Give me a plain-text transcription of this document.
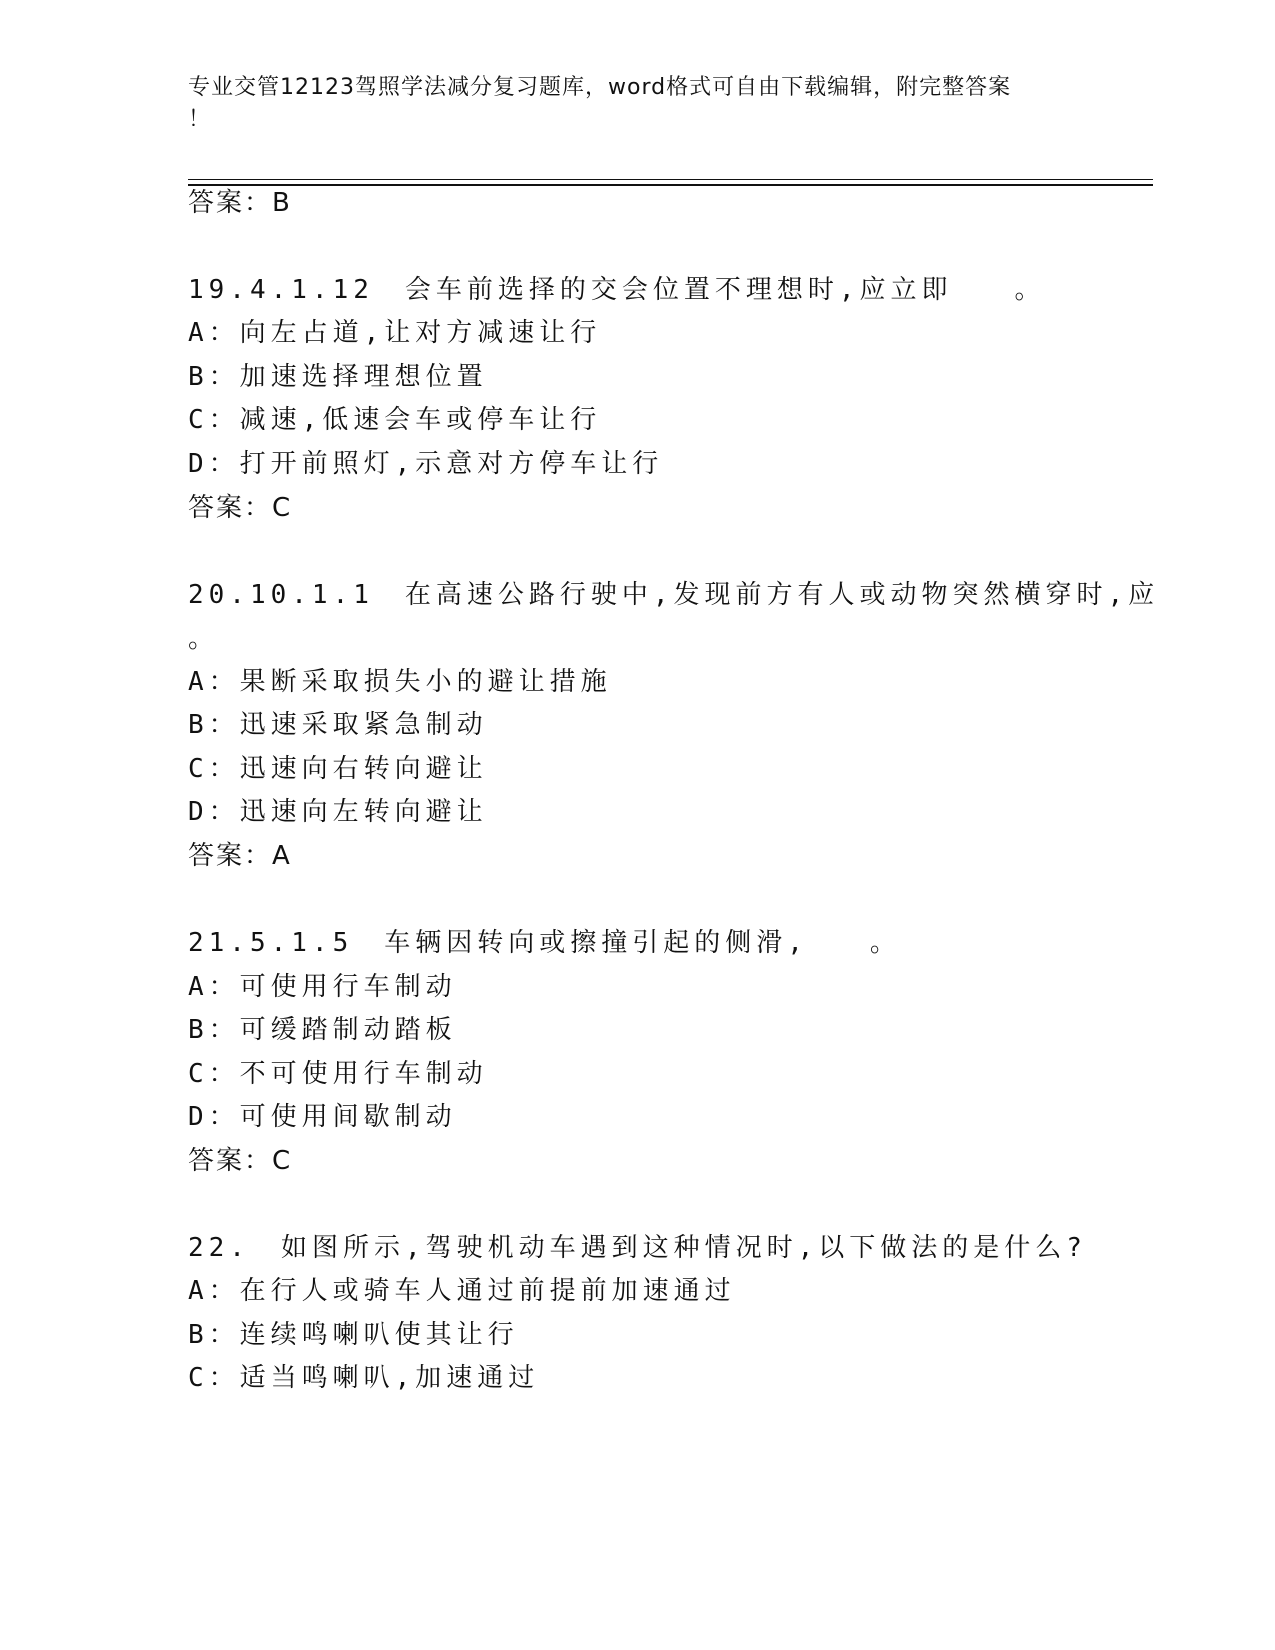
专业交管12123驾照学法减分复习题库，word格式可自由下载编辑，附完整答案
！
答案：B
19.4.1.12　会车前选择的交会位置不理想时,应立即　　。
A：向左占道,让对方减速让行
B：加速选择理想位置
C：减速,低速会车或停车让行
D：打开前照灯,示意对方停车让行
答案：C
20.10.1.1　在高速公路行驶中,发现前方有人或动物突然横穿时,应
。
A：果断采取损失小的避让措施
B：迅速采取紧急制动
C：迅速向右转向避让
D：迅速向左转向避让
答案：A
21.5.1.5　车辆因转向或擦撞引起的侧滑,　　。
A：可使用行车制动
B：可缓踏制动踏板
C：不可使用行车制动
D：可使用间歇制动
答案：C
22.　如图所示,驾驶机动车遇到这种情况时,以下做法的是什么?
A：在行人或骑车人通过前提前加速通过
B：连续鸣喇叭使其让行
C：适当鸣喇叭,加速通过
